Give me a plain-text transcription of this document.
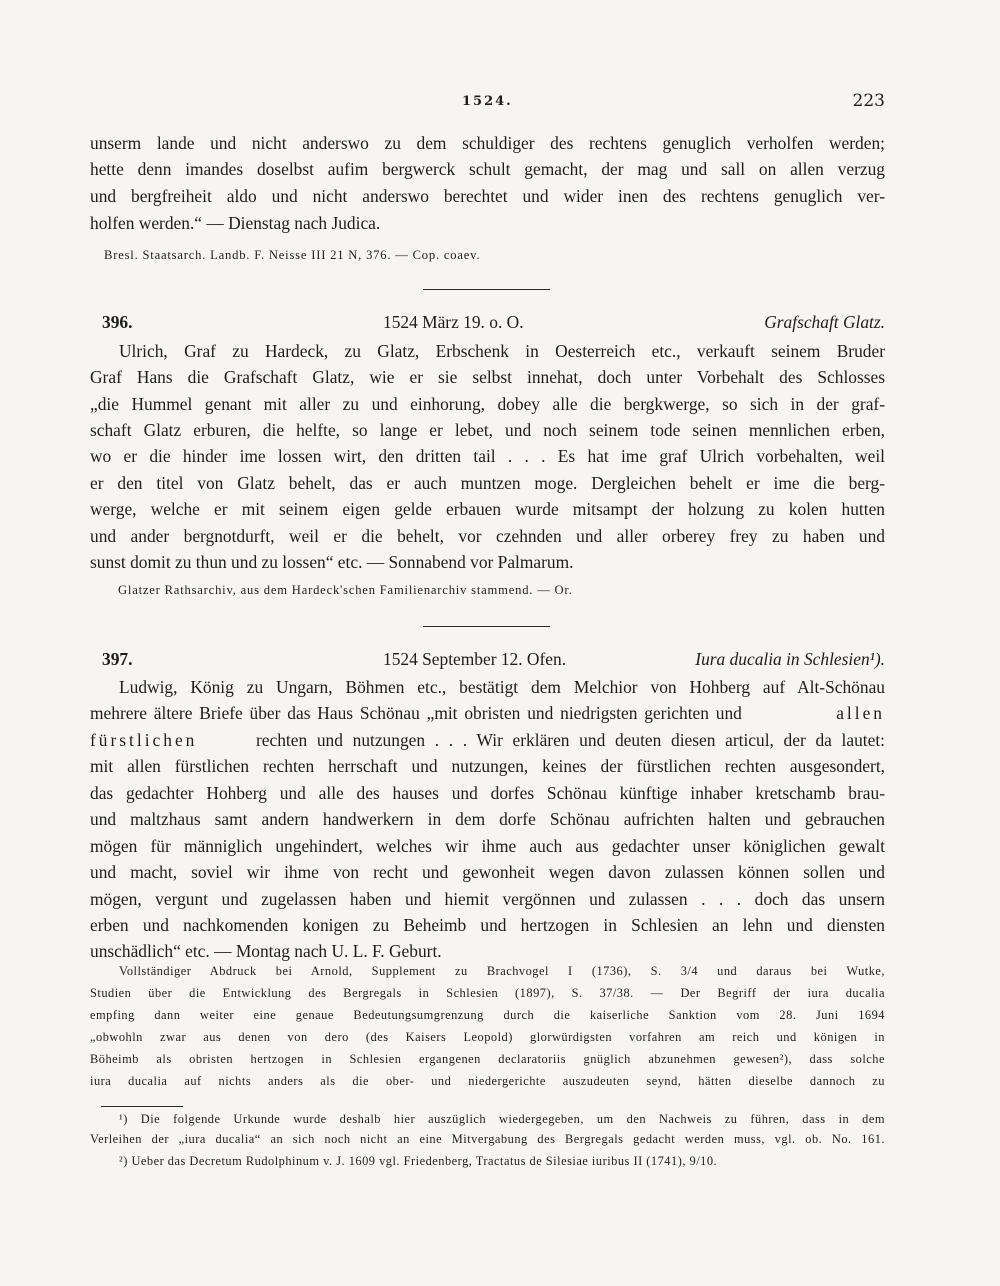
1524.	223
unserm lande und nicht anderswo zu dem schuldiger des rechtens genuglich verholfen werden;
hette denn imandes doselbst aufim bergwerck schult gemacht, der mag und sall on allen verzug
und bergfreiheit aldo und nicht anderswo berechtet und wider inen des rechtens genuglich ver-
holfen werden.“ — Dienstag nach Judica.
Bresl. Staatsarch. Landb. F. Neisse III 21 N, 376. — Cop. coaev.
396.	1524 März 19. o. O.	Grafschaft Glatz.
Ulrich, Graf zu Hardeck, zu Glatz, Erbschenk in Oesterreich etc., verkauft seinem Bruder
Graf Hans die Grafschaft Glatz, wie er sie selbst innehat, doch unter Vorbehalt des Schlosses
„die Hummel genant mit aller zu und einhorung, dobey alle die bergkwerge, so sich in der graf-
schaft Glatz erburen, die helfte, so lange er lebet, und noch seinem tode seinen mennlichen erben,
wo er die hinder ime lossen wirt, den dritten tail . . . Es hat ime graf Ulrich vorbehalten, weil
er den titel von Glatz behelt, das er auch muntzen moge. Dergleichen behelt er ime die berg-
werge, welche er mit seinem eigen gelde erbauen wurde mitsampt der holzung zu kolen hutten
und ander bergnotdurft, weil er die behelt, vor czehnden und aller orberey frey zu haben und
sunst domit zu thun und zu lossen“ etc. — Sonnabend vor Palmarum.
Glatzer Rathsarchiv, aus dem Hardeck'schen Familienarchiv stammend. — Or.
397.	1524 September 12. Ofen.	Iura ducalia in Schlesien¹).
Ludwig, König zu Ungarn, Böhmen etc., bestätigt dem Melchior von Hohberg auf Alt-Schönau
mehrere ältere Briefe über das Haus Schönau „mit obristen und niedrigsten gerichten und	allen
fürstlichen	rechten und nutzungen . . . Wir erklären und deuten diesen articul, der da lautet:
mit allen fürstlichen rechten herrschaft und nutzungen, keines der fürstlichen rechten ausgesondert,
das gedachter Hohberg und alle des hauses und dorfes Schönau künftige inhaber kretschamb brau-
und maltzhaus samt andern handwerkern in dem dorfe Schönau aufrichten halten und gebrauchen
mögen für männiglich ungehindert, welches wir ihme auch aus gedachter unser königlichen gewalt
und macht, soviel wir ihme von recht und gewonheit wegen davon zulassen können sollen und
mögen, vergunt und zugelassen haben und hiemit vergönnen und zulassen . . . doch das unsern
erben und nachkomenden konigen zu Beheimb und hertzogen in Schlesien an lehn und diensten
unschädlich“ etc. — Montag nach U. L. F. Geburt.
Vollständiger Abdruck bei Arnold, Supplement zu Brachvogel I (1736), S. 3/4 und daraus bei Wutke,
Studien über die Entwicklung des Bergregals in Schlesien (1897), S. 37/38. — Der Begriff der iura ducalia
empfing dann weiter eine genaue Bedeutungsumgrenzung durch die kaiserliche Sanktion vom 28. Juni 1694
„obwohln zwar aus denen von dero (des Kaisers Leopold) glorwürdigsten vorfahren am reich und königen in
Böheimb als obristen hertzogen in Schlesien ergangenen declaratoriis gnüglich abzunehmen gewesen²), dass solche
iura ducalia auf nichts anders als die ober- und niedergerichte auszudeuten seynd, hätten dieselbe dannoch zu
¹) Die folgende Urkunde wurde deshalb hier auszüglich wiedergegeben, um den Nachweis zu führen, dass in dem
Verleihen der „iura ducalia“ an sich noch nicht an eine Mitvergabung des Bergregals gedacht werden muss, vgl. ob. No. 161.
²) Ueber das Decretum Rudolphinum v. J. 1609 vgl. Friedenberg, Tractatus de Silesiae iuribus II (1741), 9/10.
